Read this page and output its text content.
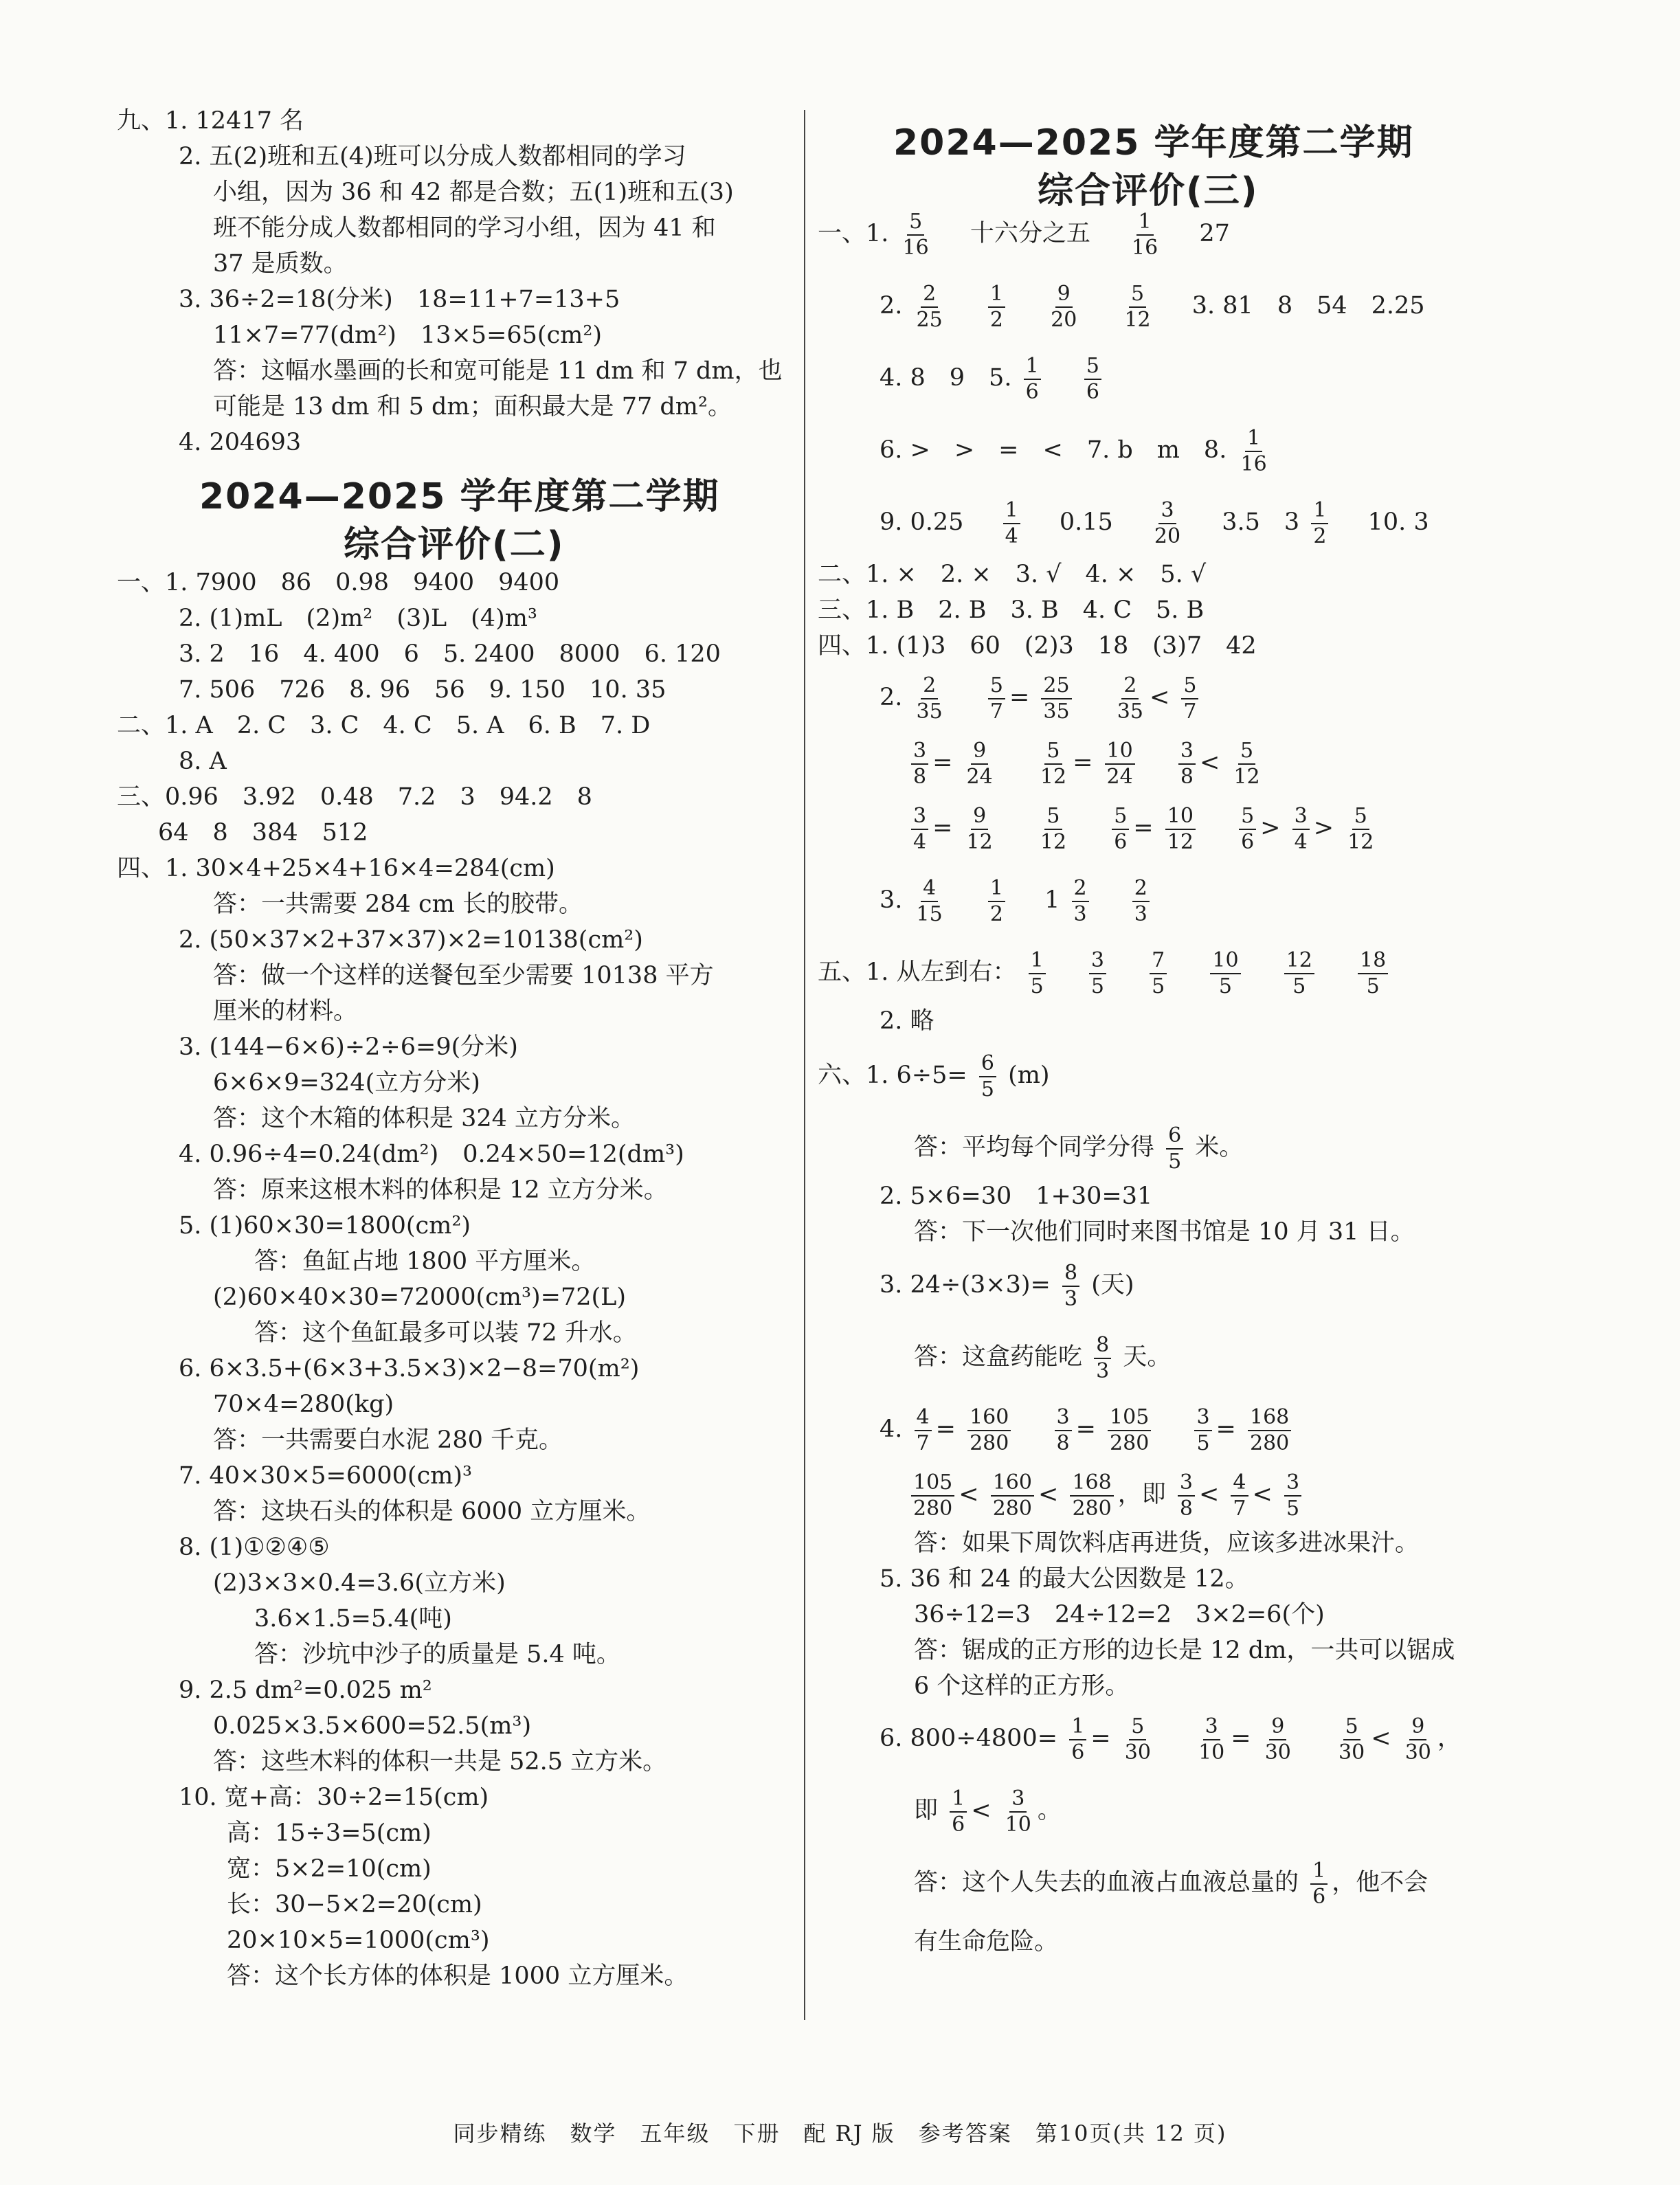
九、1. 12417 名
2. 五(2)班和五(4)班可以分成人数都相同的学习
小组，因为 36 和 42 都是合数；五(1)班和五(3)
班不能分成人数都相同的学习小组，因为 41 和
37 是质数。
3. 36÷2=18(分米)　18=11+7=13+5
11×7=77(dm²)　13×5=65(cm²)
答：这幅水墨画的长和宽可能是 11 dm 和 7 dm，也
可能是 13 dm 和 5 dm；面积最大是 77 dm²。
4. 204693
2024—2025 学年度第二学期
综合评价(二)
一、1. 7900　86　0.98　9400　9400
2. (1)mL　(2)m²　(3)L　(4)m³
3. 2　16　4. 400　6　5. 2400　8000　6. 120
7. 506　726　8. 96　56　9. 150　10. 35
二、1. A　2. C　3. C　4. C　5. A　6. B　7. D
8. A
三、0.96　3.92　0.48　7.2　3　94.2　8
64　8　384　512
四、1. 30×4+25×4+16×4=284(cm)
答：一共需要 284 cm 长的胶带。
2. (50×37×2+37×37)×2=10138(cm²)
答：做一个这样的送餐包至少需要 10138 平方
厘米的材料。
3. (144−6×6)÷2÷6=9(分米)
6×6×9=324(立方分米)
答：这个木箱的体积是 324 立方分米。
4. 0.96÷4=0.24(dm²)　0.24×50=12(dm³)
答：原来这根木料的体积是 12 立方分米。
5. (1)60×30=1800(cm²)
答：鱼缸占地 1800 平方厘米。
(2)60×40×30=72000(cm³)=72(L)
答：这个鱼缸最多可以装 72 升水。
6. 6×3.5+(6×3+3.5×3)×2−8=70(m²)
70×4=280(kg)
答：一共需要白水泥 280 千克。
7. 40×30×5=6000(cm)³
答：这块石头的体积是 6000 立方厘米。
8. (1)①②④⑤
(2)3×3×0.4=3.6(立方米)
3.6×1.5=5.4(吨)
答：沙坑中沙子的质量是 5.4 吨。
9. 2.5 dm²=0.025 m²
0.025×3.5×600=52.5(m³)
答：这些木料的体积一共是 52.5 立方米。
10. 宽+高：30÷2=15(cm)
高：15÷3=5(cm)
宽：5×2=10(cm)
长：30−5×2=20(cm)
20×10×5=1000(cm³)
答：这个长方体的体积是 1000 立方厘米。
2024—2025 学年度第二学期
综合评价(三)
一、1. $\frac{5}{16}$ 十六分之五 $\frac{1}{16} 27$
2. $\frac{2}{25}$
$\frac{1}{2}$
$\frac{9}{20}$
$\frac{5}{12} 3$. 81　8　54　2.25
4. 8　9　5. $\frac{1}{6}$
$\frac{5}{6}$
6. >　>　=　<　7. b　m　8. $\frac{1}{16}$
9. $0.25 \frac{1}{4} 0.15 \frac{3}{20} 3.5$　$3 \frac{1}{2} 10$. 3
二、1. ×　2. ×　3. √　4. ×　5. √
三、1. B　2. B　3. B　4. C　5. B
四、1. (1)3　60　(2)3　18　(3)7　42
2. $\frac{2}{35}$
$\frac{5}{7} = \frac{25}{35}$
$\frac{2}{35} < \frac{5}{7}$
$\frac{3}{8} = \frac{9}{24}$
$\frac{5}{12} = \frac{10}{24}$
$\frac{3}{8} < \frac{5}{12}$
$\frac{3}{4} = \frac{9}{12}$
$\frac{5}{12}$
$\frac{5}{6} = \frac{10}{12}$
$\frac{5}{6} > \frac{3}{4} > \frac{5}{12}$
3. $\frac{4}{15}$
$\frac{1}{2} 1 \frac{2}{3}$
$\frac{2}{3}$
五、1. 从左到右： $\frac{1}{5}$
$\frac{3}{5}$
$\frac{7}{5}$
$\frac{10}{5}$
$\frac{12}{5}$
$\frac{18}{5}$
2. 略
六、1. $6\div 5= \frac{6}{5} (m)$
答：平均每个同学分得 $\frac{6}{5}$ 米。
2. 5×6=30　1+30=31
答：下一次他们同时来图书馆是 10 月 31 日。
3. $24\div(3\times 3)= \frac{8}{3}$ (天)
答：这盒药能吃 $\frac{8}{3}$ 天。
4. $\frac{4}{7} = \frac{160}{280}$
$\frac{3}{8} = \frac{105}{280}$
$\frac{3}{5} = \frac{168}{280}$
$\frac{105}{280} < \frac{160}{280} < \frac{168}{280}$ ，即 $\frac{3}{8} < \frac{4}{7} < \frac{3}{5}$
答：如果下周饮料店再进货，应该多进冰果汁。
5. 36 和 24 的最大公因数是 12。
36÷12=3　24÷12=2　3×2=6(个)
答：锯成的正方形的边长是 12 dm，一共可以锯成
6 个这样的正方形。
6. $800\div 4800= \frac{1}{6} = \frac{5}{30}$
$\frac{3}{10} = \frac{9}{30}$
$\frac{5}{30} < \frac{9}{30}$ ，
即 $\frac{1}{6} < \frac{3}{10}$ 。
答：这个人失去的血液占血液总量的 $\frac{1}{6}$ ，他不会
有生命危险。
同步精练　数学　五年级　下册　配 RJ 版　参考答案　第10页(共 12 页)
